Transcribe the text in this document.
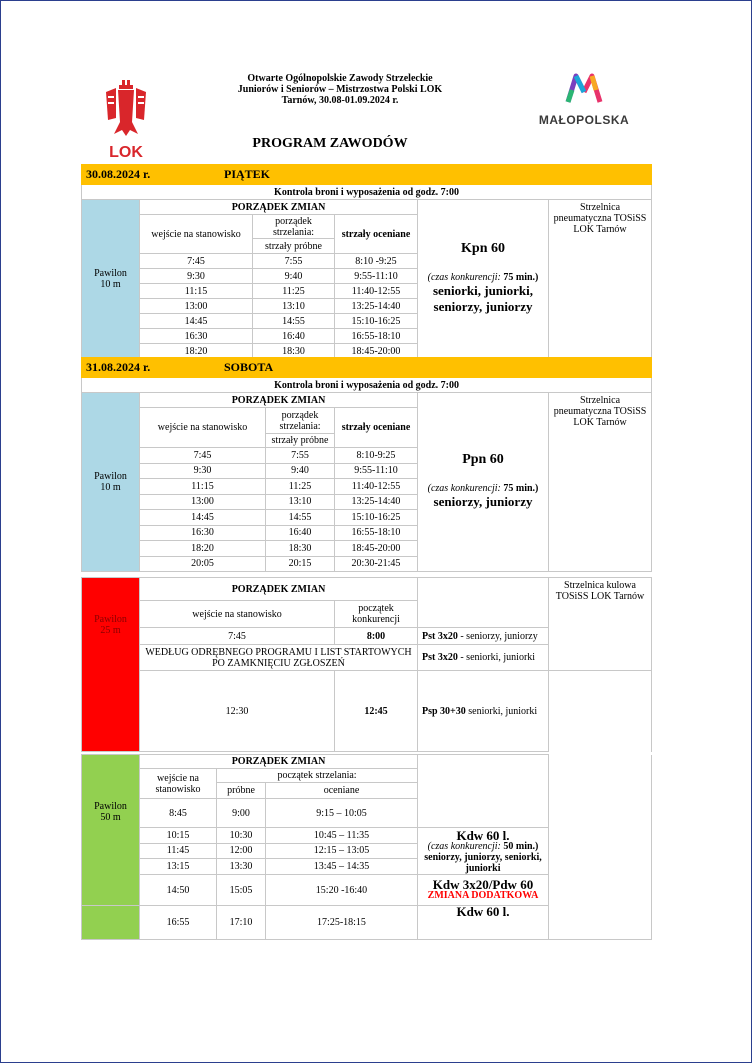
LOK
Otwarte Ogólnopolskie Zawody Strzeleckie
Juniorów i Seniorów – Mistrzostwa Polski LOK
Tarnów, 30.08-01.09.2024 r.
MAŁOPOLSKA
PROGRAM ZAWODÓW
30.08.2024 r. PIĄTEK					
Kontrola broni i wyposażenia od godz. 7:00					
Pawilon
10 m	PORZĄDEK ZMIAN			Kpn 60
(czas konkurencji: 75 min.)
seniorki, juniorki, seniorzy, juniorzy	Strzelnica pneumatyczna TOSiSS LOK Tarnów
	wejście na stanowisko	porządek strzelania:	strzały oceniane		
		strzały próbne			
	7:45	7:55	8:10 -9:25		
	9:30	9:40	9:55-11:10		
	11:15	11:25	11:40-12:55		
	13:00	13:10	13:25-14:40		
	14:45	14:55	15:10-16:25		
	16:30	16:40	16:55-18:10		
	18:20	18:30	18:45-20:00		
31.08.2024 r. SOBOTA					
Kontrola broni i wyposażenia od godz. 7:00					
Pawilon
10 m	PORZĄDEK ZMIAN			Ppn 60
(czas konkurencji: 75 min.)
seniorzy, juniorzy	Strzelnica pneumatyczna TOSiSS LOK Tarnów
	wejście na stanowisko	porządek strzelania:	strzały oceniane		
		strzały próbne			
	7:45	7:55	8:10-9:25		
	9:30	9:40	9:55-11:10		
	11:15	11:25	11:40-12:55		
	13:00	13:10	13:25-14:40		
	14:45	14:55	15:10-16:25		
	16:30	16:40	16:55-18:10		
	18:20	18:30	18:45-20:00		
	20:05	20:15	20:30-21:45		
Pawilon
25 m	PORZĄDEK ZMIAN			Strzelnica kulowa TOSiSS LOK Tarnów
	wejście na stanowisko	początek konkurencji		
	7:45	8:00	Pst 3x20 - seniorzy, juniorzy	
	WEDŁUG ODRĘBNEGO PROGRAMU I LIST STARTOWYCH PO ZAMKNIĘCIU ZGŁOSZEŃ		Pst 3x20 - seniorki, juniorki	
	12:30	12:45	Psp 30+30 seniorki, juniorki	
Pawilon
50 m	PORZĄDEK ZMIAN				
	wejście na stanowisko	początek strzelania:			
		próbne	oceniane		
	8:45	9:00	9:15 – 10:05		
	10:15	10:30	10:45 – 11:35	Kdw 60 l.
(czas konkurencji: 50 min.)
seniorzy, juniorzy, seniorki, juniorki	

	11:45	12:00	12:15 – 13:05		
	13:15	13:30	13:45 – 14:35		
	14:50	15:05	15:20 -16:40	Kdw 3x20/Pdw 60
ZMIANA DODATKOWA	
	16:55	17:10	17:25-18:15	Kdw 60 l.	
